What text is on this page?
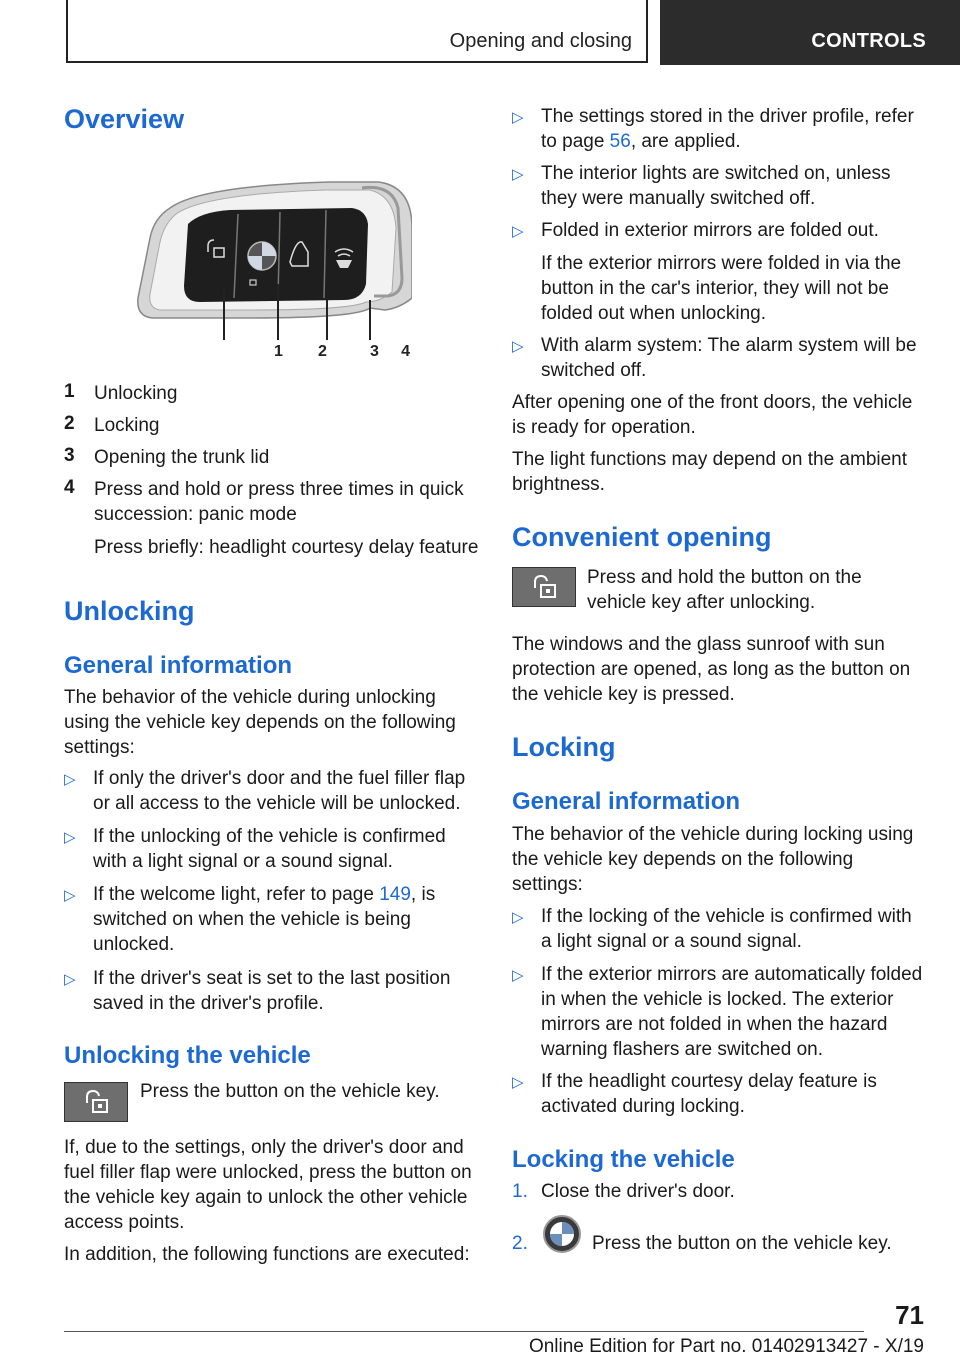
Opening and closing	CONTROLS
Overview
1 2	3 4
1 Unlocking
2 Locking
3 Opening the trunk lid
4 Press and hold or press three times in quick succession: panic mode
Press briefly: headlight courtesy delay feature
Unlocking
General information
The behavior of the vehicle during unlocking using the vehicle key depends on the following settings:
▷ If only the driver's door and the fuel filler flap or all access to the vehicle will be unlocked.
▷ If the unlocking of the vehicle is confirmed with a light signal or a sound signal.
▷ If the welcome light, refer to page 149, is switched on when the vehicle is being unlocked.
▷ If the driver's seat is set to the last position saved in the driver's profile.
Unlocking the vehicle
Press the button on the vehicle key.
If, due to the settings, only the driver's door and fuel filler flap were unlocked, press the button on the vehicle key again to unlock the other vehicle access points.
In addition, the following functions are executed:
▷ The settings stored in the driver profile, refer to page 56, are applied.
▷ The interior lights are switched on, unless they were manually switched off.
▷ Folded in exterior mirrors are folded out.
If the exterior mirrors were folded in via the button in the car's interior, they will not be folded out when unlocking.
▷ With alarm system: The alarm system will be switched off.
After opening one of the front doors, the vehicle is ready for operation.
The light functions may depend on the ambient brightness.
Convenient opening
Press and hold the button on the vehicle key after unlocking.
The windows and the glass sunroof with sun protection are opened, as long as the button on the vehicle key is pressed.
Locking
General information
The behavior of the vehicle during locking using the vehicle key depends on the following settings:
▷ If the locking of the vehicle is confirmed with a light signal or a sound signal.
▷ If the exterior mirrors are automatically folded in when the vehicle is locked. The exterior mirrors are not folded in when the hazard warning flashers are switched on.
▷ If the headlight courtesy delay feature is activated during locking.
Locking the vehicle
1. Close the driver's door.
2.	Press the button on the vehicle key.
71
Online Edition for Part no. 01402913427 - X/19
